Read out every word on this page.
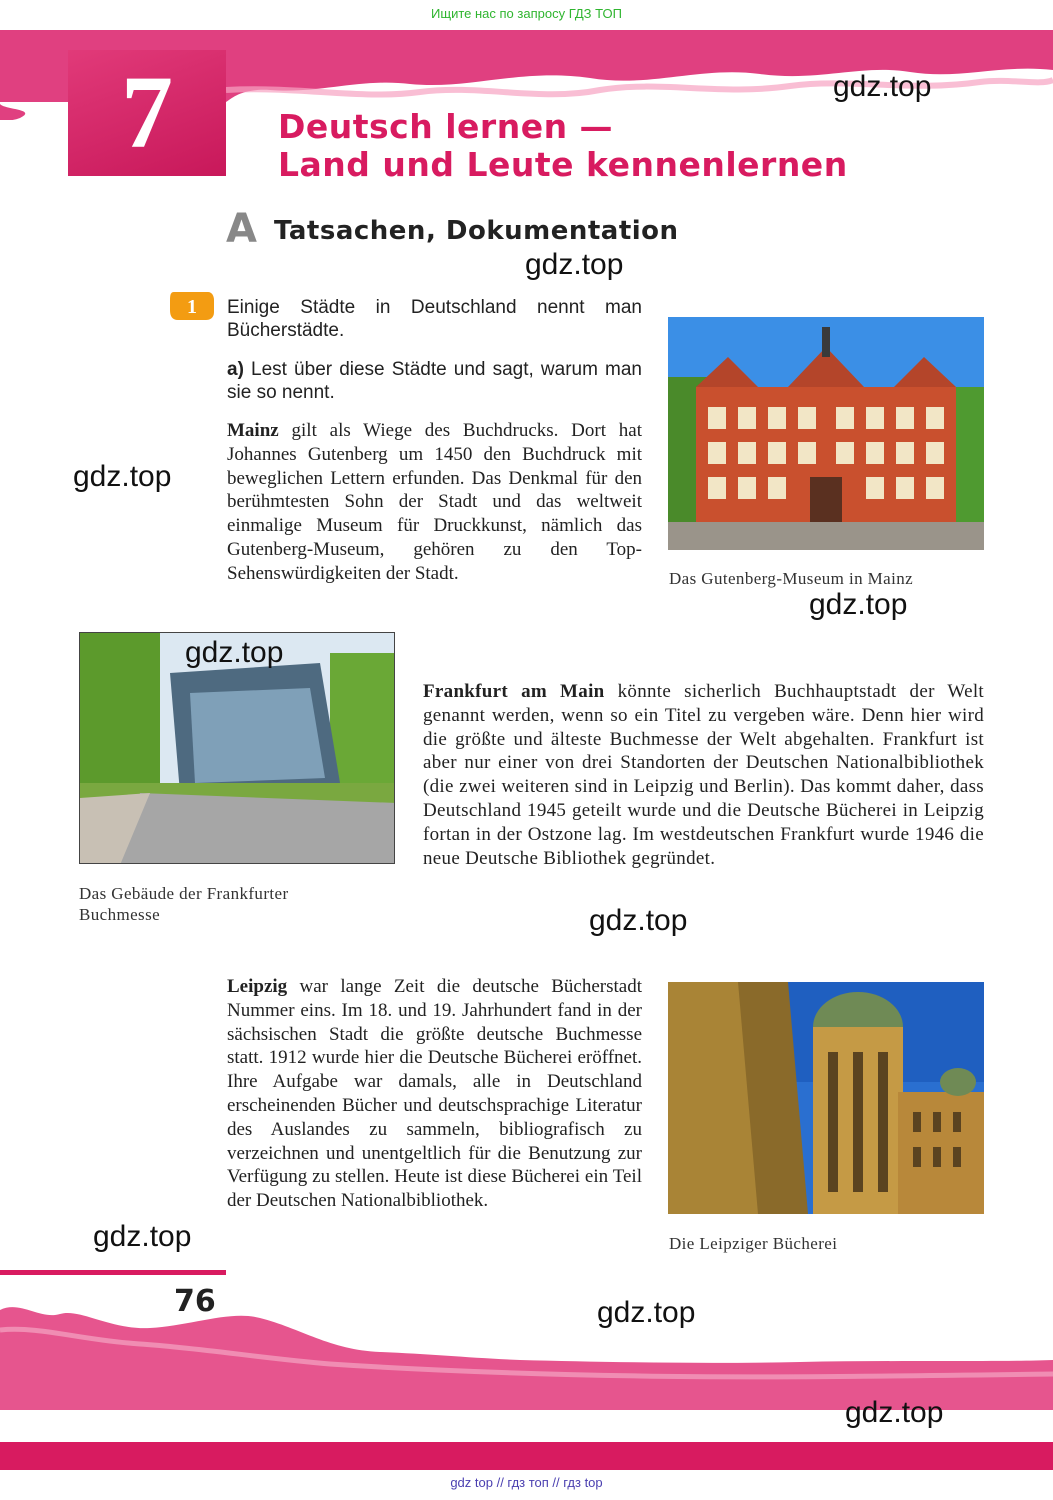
Ищите нас по запросу ГДЗ ТОП
7	Deutsch lernen —
Land und Leute kennenlernen
gdz.top
A Tatsachen, Dokumentation
gdz.top
1 Einige Städte in Deutschland nennt man Bücherstädte.
a) Lest über diese Städte und sagt, warum man sie so nennt.
Mainz gilt als Wiege des Buchdrucks. Dort hat Johannes Gutenberg um 1450 den Buchdruck mit beweglichen Lettern erfunden. Das Denkmal für den berühmtesten Sohn der Stadt und das weltweit einmalige Museum für Druckkunst, nämlich das Gutenberg-Museum, gehören zu den Top-Sehenswürdigkeiten der Stadt.
gdz.top
Das Gutenberg-Museum in Mainz
gdz.top
gdz.top
Das Gebäude der Frankfurter Buchmesse
Frankfurt am Main könnte sicherlich Buchhauptstadt der Welt genannt werden, wenn so ein Titel zu vergeben wäre. Denn hier wird die größte und älteste Buchmesse der Welt abgehalten. Frankfurt ist aber nur einer von drei Standorten der Deutschen Nationalbibliothek (die zwei weiteren sind in Leipzig und Berlin). Das kommt daher, dass Deutschland 1945 geteilt wurde und die Deutsche Bücherei in Leipzig fortan in der Ostzone lag. Im westdeutschen Frankfurt wurde 1946 die neue Deutsche Bibliothek gegründet.
gdz.top
Leipzig war lange Zeit die deutsche Bücherstadt Nummer eins. Im 18. und 19. Jahrhundert fand in der sächsischen Stadt die größte deutsche Buchmesse statt. 1912 wurde hier die Deutsche Bücherei eröffnet. Ihre Aufgabe war damals, alle in Deutschland erscheinenden Bücher und deutschsprachige Literatur des Auslandes zu sammeln, bibliografisch zu verzeichnen und unentgeltlich für die Benutzung zur Verfügung zu stellen. Heute ist diese Bücherei ein Teil der Deutschen Nationalbibliothek.
Die Leipziger Bücherei
gdz.top
76	gdz.top
gdz.top
gdz top // гдз топ // гдз top
